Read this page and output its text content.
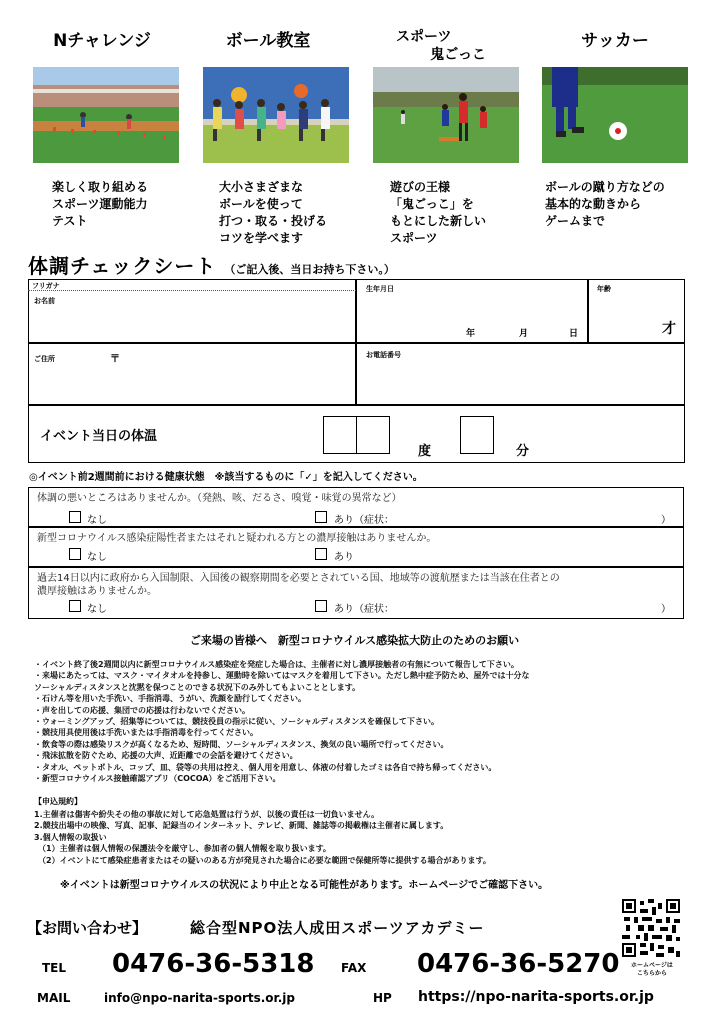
Nチャレンジ	ボール教室	スポーツ
鬼ごっこ
サッカー
楽しく取り組める
スポーツ運動能力
テスト
大小さまざまな
ボールを使って
打つ・取る・投げる
コツを学べます
遊びの王様
「鬼ごっこ」を
もとにした新しい
スポーツ
ボールの蹴り方などの
基本的な動きから
ゲームまで
体調チェックシート （ご記入後、当日お持ち下さい。）
フリガナ
お名前
生年月日
年	月	日
年齢
才
ご住所	〒	お電話番号
イベント当日の体温
度	分
◎イベント前2週間前における健康状態　※該当するものに「✓」を記入してください。
体調の悪いところはありませんか。（発熱、咳、だるさ、嗅覚・味覚の異常など）
なし	あり（症状：	）
新型コロナウイルス感染症陽性者またはそれと疑われる方との濃厚接触はありませんか。
なし	あり
過去14日以内に政府から入国制限、入国後の観察期間を必要とされている国、地域等の渡航歴または当該在住者との
濃厚接触はありませんか。
なし	あり（症状：	）
ご来場の皆様へ　新型コロナウイルス感染拡大防止のためのお願い
・イベント終了後2週間以内に新型コロナウイルス感染症を発症した場合は、主催者に対し濃厚接触者の有無について報告して下さい。
・来場にあたっては、マスク・マイタオルを持参し、運動時を除いてはマスクを着用して下さい。ただし熱中症予防ため、屋外では十分な
ソーシャルディスタンスと沈黙を保つことのできる状況下のみ外してもよいこととします。
・石けん等を用いた手洗い、手指消毒、うがい、洗顔を励行してください。
・声を出しての応援、集団での応援は行わないでください。
・ウォーミングアップ、招集等については、競技役員の指示に従い、ソーシャルディスタンスを確保して下さい。
・競技用具使用後は手洗いまたは手指消毒を行ってください。
・飲食等の際は感染リスクが高くなるため、短時間、ソーシャルディスタンス、換気の良い場所で行ってください。
・飛沫拡散を防ぐため、応援の大声、近距離での会話を避けてください。
・タオル、ペットボトル、コップ、皿、袋等の共用は控え、個人用を用意し、体液の付着したゴミは各自で持ち帰ってください。
・新型コロナウイルス接触確認アプリ（COCOA）をご活用下さい。
【申込規約】
1.主催者は傷害や紛失その他の事故に対して応急処置は行うが、以後の責任は一切負いません。
2.競技出場中の映像、写真、記事、記録当のインターネット、テレビ、新聞、雑誌等の掲載権は主催者に属します。
3.個人情報の取扱い
（1）主催者は個人情報の保護法令を厳守し、参加者の個人情報を取り扱います。
（2）イベントにて感染症患者またはその疑いのある方が発見された場合に必要な範囲で保健所等に提供する場合があります。
※イベントは新型コロナウイルスの状況により中止となる可能性があります。ホームページでご確認下さい。
【お問い合わせ】	総合型NPO法人成田スポーツアカデミー
TEL 0476-36-5318 FAX 0476-36-5270
MAIL	info@npo-narita-sports.or.jp	HP https://npo-narita-sports.or.jp
ホームページは
こちらから
